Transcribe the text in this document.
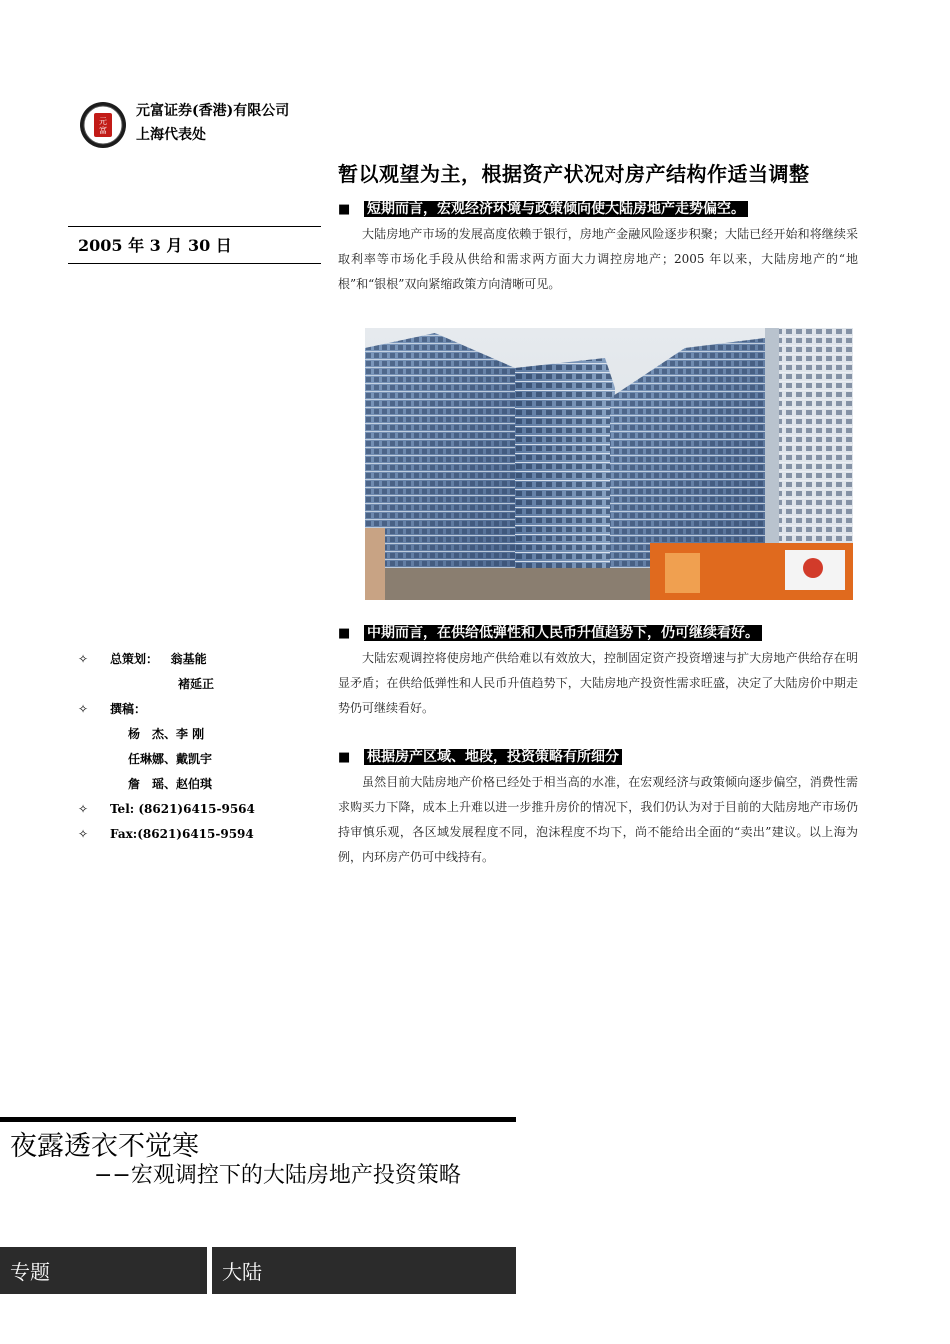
元
富
元富证券(香港)有限公司
上海代表处
暂以观望为主，根据资产状况对房产结构作适当调整
2005 年 3 月 30 日
■ 短期而言，宏观经济环境与政策倾向使大陆房地产走势偏空。
大陆房地产市场的发展高度依赖于银行，房地产金融风险逐步积聚；大陆已经开始和将继续采取利率等市场化手段从供给和需求两方面大力调控房地产；2005 年以来，大陆房地产的“地根”和“银根”双向紧缩政策方向清晰可见。
■ 中期而言，在供给低弹性和人民币升值趋势下，仍可继续看好。
大陆宏观调控将使房地产供给难以有效放大，控制固定资产投资增速与扩大房地产供给存在明显矛盾；在供给低弹性和人民币升值趋势下，大陆房地产投资性需求旺盛，决定了大陆房价中期走势仍可继续看好。
■ 根据房产区域、地段，投资策略有所细分
虽然目前大陆房地产价格已经处于相当高的水准，在宏观经济与政策倾向逐步偏空，消费性需求购买力下降，成本上升难以进一步推升房价的情况下，我们仍认为对于目前的大陆房地产市场仍持审慎乐观，各区域发展程度不同，泡沫程度不均下，尚不能给出全面的“卖出”建议。以上海为例，内环房产仍可中线持有。
✧ 总策划： 翁基能
褚延正
✧ 撰稿：
杨　杰、李 刚
任琳娜、戴凯宇
詹　瑶、赵伯琪
✧ Tel: (8621)6415-9564
✧ Fax:(8621)6415-9594
夜露透衣不觉寒
−−宏观调控下的大陆房地产投资策略
专题	大陆
